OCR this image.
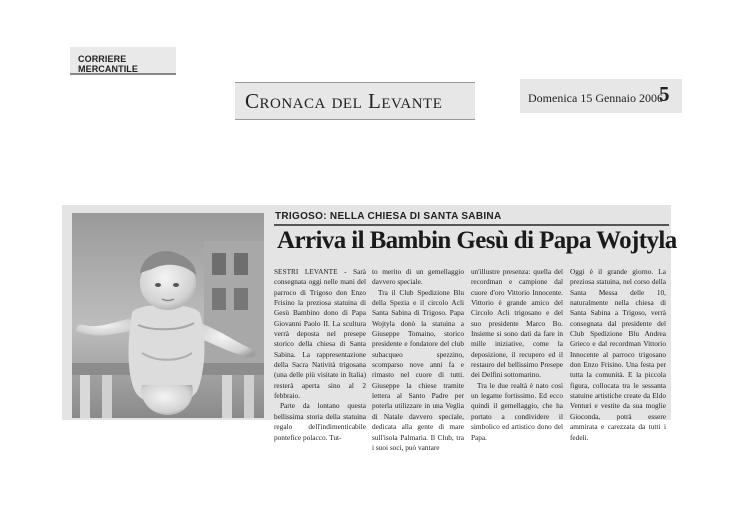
CORRIERE MERCANTILE
Cronaca del Levante	Domenica 15 Gennaio 2006
5
TRIGOSO: NELLA CHIESA DI SANTA SABINA
Arriva il Bambin Gesù di Papa Wojtyla

SESTRI LEVANTE - Sarà consegnata oggi nelle mani del parroco di Trigoso don Enzo Frisino la preziosa statuina di Gesù Bambino dono di Papa Giovanni Paolo II. La scultura verrà deposta nel presepe storico della chiesa di Santa Sabina. La rappresentazione della Sacra Natività trigosana (una delle più visitate in Italia) resterà aperta sino al 2 febbraio.

Parte da lontano questa bellissima storia della statuina regalo dell'indimenticabile pontefice polacco. Tut-

to merito di un gemellaggio davvero speciale.

Tra il Club Spedizione Blu della Spezia e il circolo Acli Santa Sabina di Trigoso. Papa Wojtyla donò la statuina a Giuseppe Tomaino, storico presidente e fondatore del club subacqueo spezzino, scomparso nove anni fa e rimasto nel cuore di tutti. Giuseppe la chiese tramite lettera al Santo Padre per poterla utilizzare in una Veglia di Natale davvero speciale, dedicata alla gente di mare sull'isola Palmaria. Il Club, tra i suoi soci, può vantare

un'illustre presenza: quella del recordman e campione dal cuore d'oro Vittorio Innocente. Vittorio è grande amico del Circolo Acli trigosano e del suo presidente Marco Bo. Insieme si sono dati da fare in mille iniziative, come la deposizione, il recupero ed il restauro del bellissimo Presepe dei Delfini sottomarino.

Tra le due realtà è nato così un legame fortissimo. Ed ecco quindi il gemellaggio, che ha portato a condividere il simbolico ed artistico dono del Papa.

Oggi è il grande giorno. La preziosa statuina, nel corso della Santa Messa delle 10, naturalmente nella chiesa di Santa Sabina a Trigoso, verrà consegnata dal presidente del Club Spedizione Blu Andrea Grieco e dal recordman Vittorio Innocente al parroco trigosano don Enzo Frisino. Una festa per tutta la comunità. E la piccola figura, collocata tra le sessanta statuine artistiche create da Eldo Venturi e vestite da sua moglie Gioconda, potrà essere ammirata e carezzata da tutti i fedeli.
